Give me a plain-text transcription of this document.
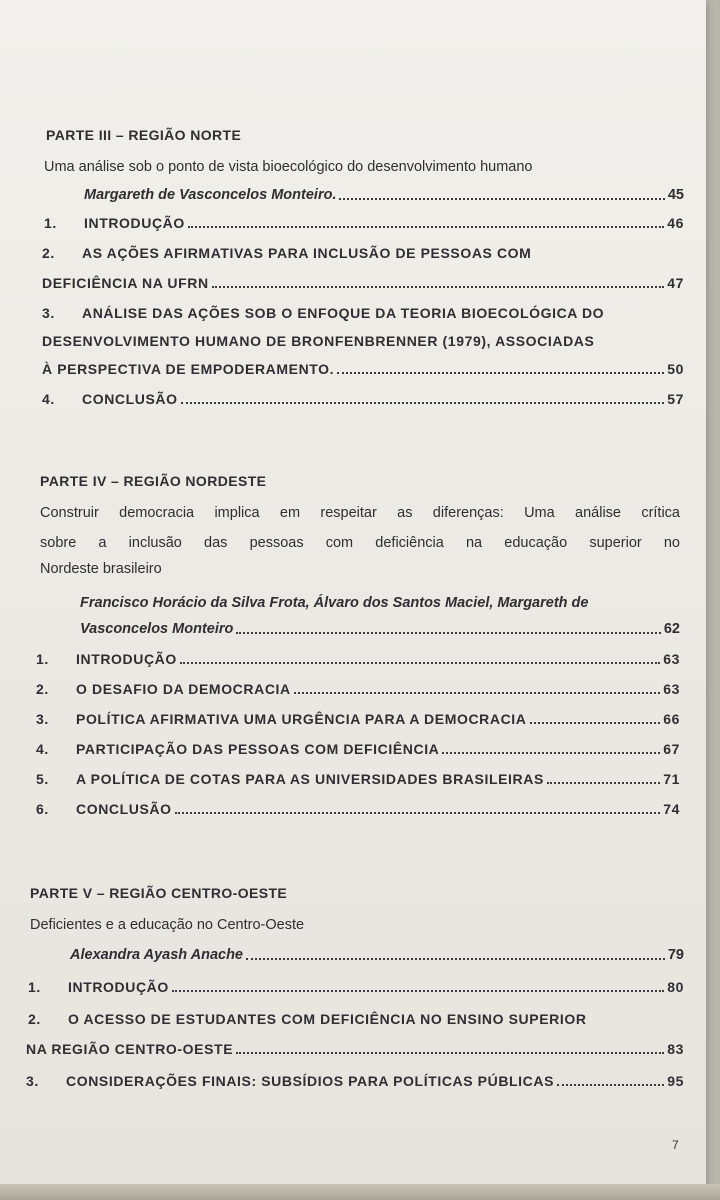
PARTE III – REGIÃO NORTE
Uma análise sob o ponto de vista bioecológico do desenvolvimento humano
Margareth de Vasconcelos Monteiro.	45
1.	INTRODUÇÃO	46
2.	AS AÇÕES AFIRMATIVAS PARA INCLUSÃO DE PESSOAS COM
DEFICIÊNCIA NA UFRN	47
3.	ANÁLISE DAS AÇÕES SOB O ENFOQUE DA TEORIA BIOECOLÓGICA DO
DESENVOLVIMENTO HUMANO DE BRONFENBRENNER (1979), ASSOCIADAS
À PERSPECTIVA DE EMPODERAMENTO.	50
4.	CONCLUSÃO	57
PARTE IV – REGIÃO NORDESTE
Construir democracia implica em respeitar as diferenças: Uma análise crítica
sobre a inclusão das pessoas com deficiência na educação superior no
Nordeste brasileiro
Francisco Horácio da Silva Frota, Álvaro dos Santos Maciel, Margareth de
Vasconcelos Monteiro	62
1.	INTRODUÇÃO	63
2.	O DESAFIO DA DEMOCRACIA	63
3.	POLÍTICA AFIRMATIVA UMA URGÊNCIA PARA A DEMOCRACIA	66
4.	PARTICIPAÇÃO DAS PESSOAS COM DEFICIÊNCIA	67
5.	A POLÍTICA DE COTAS PARA AS UNIVERSIDADES BRASILEIRAS	71
6.	CONCLUSÃO	74
PARTE V – REGIÃO CENTRO-OESTE
Deficientes e a educação no Centro-Oeste
Alexandra Ayash Anache	79
1.	INTRODUÇÃO	80
2.	O ACESSO DE ESTUDANTES COM DEFICIÊNCIA NO ENSINO SUPERIOR
NA REGIÃO CENTRO-OESTE	83
3.	CONSIDERAÇÕES FINAIS: SUBSÍDIOS PARA POLÍTICAS PÚBLICAS	95
7
